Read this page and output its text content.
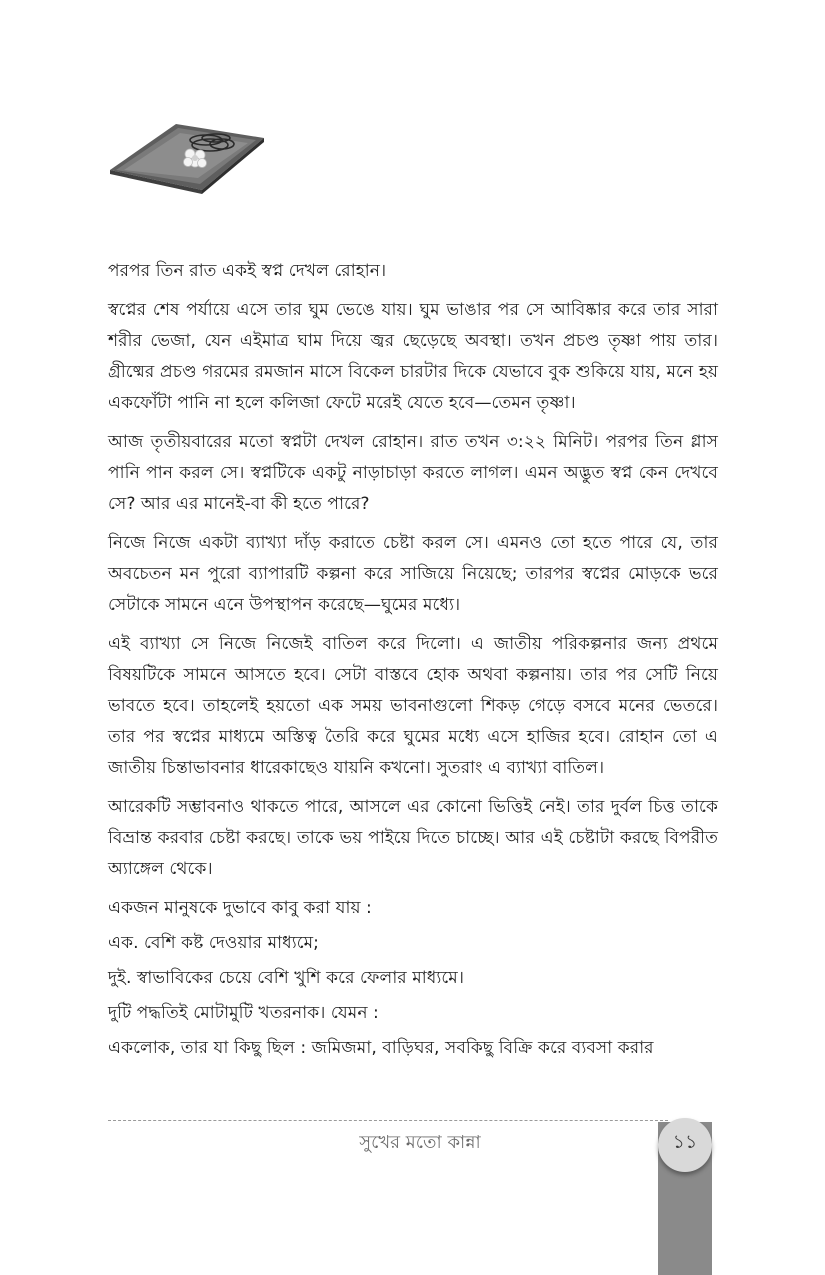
পরপর তিন রাত একই স্বপ্ন দেখল রোহান।

স্বপ্নের শেষ পর্যায়ে এসে তার ঘুম ভেঙে যায়। ঘুম ভাঙার পর সে আবিষ্কার করে তার সারা শরীর ভেজা, যেন এইমাত্র ঘাম দিয়ে জ্বর ছেড়েছে অবস্থা। তখন প্রচণ্ড তৃষ্ণা পায় তার। গ্রীষ্মের প্রচণ্ড গরমের রমজান মাসে বিকেল চারটার দিকে যেভাবে বুক শুকিয়ে যায়, মনে হয় একফোঁটা পানি না হলে কলিজা ফেটে মরেই যেতে হবে—তেমন তৃষ্ণা।

আজ তৃতীয়বারের মতো স্বপ্নটা দেখল রোহান। রাত তখন ৩:২২ মিনিট। পরপর তিন গ্লাস পানি পান করল সে। স্বপ্নটিকে একটু নাড়াচাড়া করতে লাগল। এমন অদ্ভুত স্বপ্ন কেন দেখবে সে? আর এর মানেই-বা কী হতে পারে?

নিজে নিজে একটা ব্যাখ্যা দাঁড় করাতে চেষ্টা করল সে। এমনও তো হতে পারে যে, তার অবচেতন মন পুরো ব্যাপারটি কল্পনা করে সাজিয়ে নিয়েছে; তারপর স্বপ্নের মোড়কে ভরে সেটাকে সামনে এনে উপস্থাপন করেছে—ঘুমের মধ্যে।

এই ব্যাখ্যা সে নিজে নিজেই বাতিল করে দিলো। এ জাতীয় পরিকল্পনার জন্য প্রথমে বিষয়টিকে সামনে আসতে হবে। সেটা বাস্তবে হোক অথবা কল্পনায়। তার পর সেটি নিয়ে ভাবতে হবে। তাহলেই হয়তো এক সময় ভাবনাগুলো শিকড় গেড়ে বসবে মনের ভেতরে। তার পর স্বপ্নের মাধ্যমে অস্তিত্ব তৈরি করে ঘুমের মধ্যে এসে হাজির হবে। রোহান তো এ জাতীয় চিন্তাভাবনার ধারেকাছেও যায়নি কখনো। সুতরাং এ ব্যাখ্যা বাতিল।

আরেকটি সম্ভাবনাও থাকতে পারে, আসলে এর কোনো ভিত্তিই নেই। তার দুর্বল চিত্ত তাকে বিভ্রান্ত করবার চেষ্টা করছে। তাকে ভয় পাইয়ে দিতে চাচ্ছে। আর এই চেষ্টাটা করছে বিপরীত অ্যাঙ্গেল থেকে।

একজন মানুষকে দুভাবে কাবু করা যায় :

এক. বেশি কষ্ট দেওয়ার মাধ্যমে;

দুই. স্বাভাবিকের চেয়ে বেশি খুশি করে ফেলার মাধ্যমে।

দুটি পদ্ধতিই মোটামুটি খতরনাক। যেমন :

একলোক, তার যা কিছু ছিল : জমিজমা, বাড়িঘর, সবকিছু বিক্রি করে ব্যবসা করার

সুখের মতো কান্না	১১
